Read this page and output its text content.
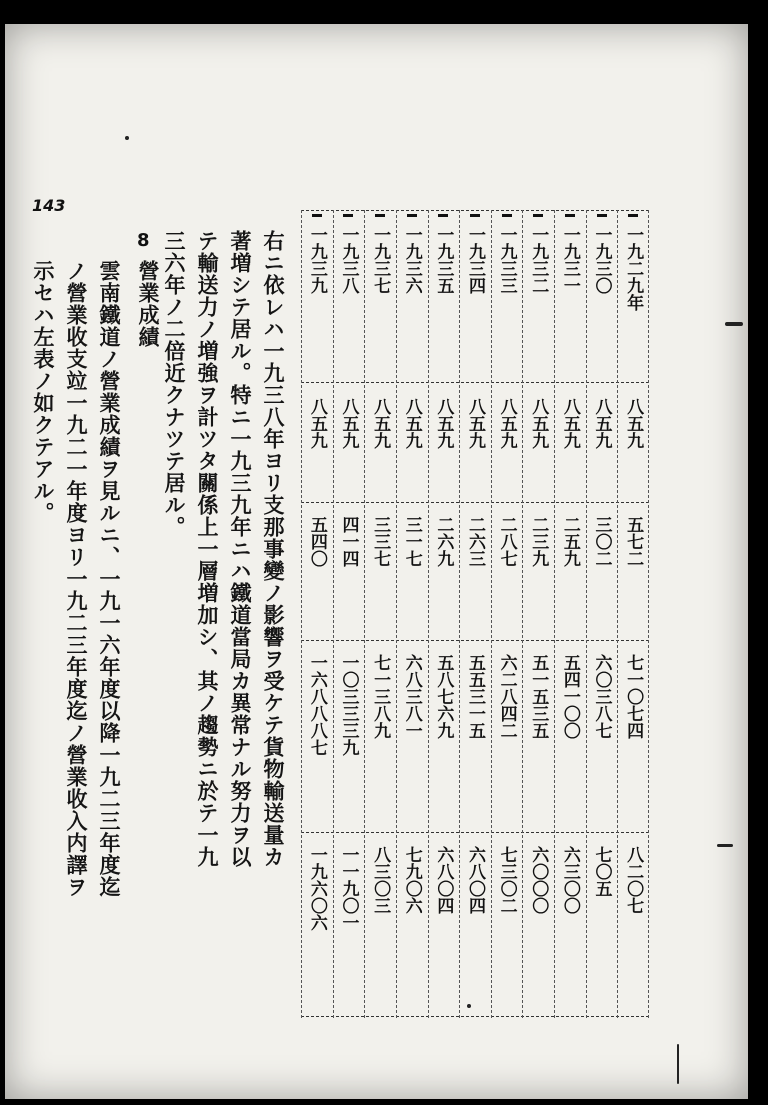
143
8
營業成績	右ニ依レハ一九三八年ヨリ支那事變ノ影響ヲ受ケテ貨物輸送量カ
著増シテ居ル。特ニ一九三九年ニハ鐵道當局カ異常ナル努力ヲ以
テ輸送力ノ増強ヲ計ツタ關係上一層増加シ、其ノ趨勢ニ於テ一九
三六年ノ二倍近クナツテ居ル。
雲南鐵道ノ營業成績ヲ見ルニ、一九一六年度以降一九二三年度迄
ノ營業收支竝一九二一年度ヨリ一九二三年度迄ノ營業收入内譯ヲ
示セハ左表ノ如クテアル。	一九二九年
八五九
五七二
七一〇七四
八二〇七
一九三〇
八五九
三〇二
六〇三八七
七〇五
一九三一
八五九
二五九
五四一〇〇
六三〇〇
一九三二
八五九
二三九
五一五三五
六〇〇〇
一九三三
八五九
二八七
六二八四二
七三〇二
一九三四
八五九
二六三
五五三一五
六八〇四
一九三五
八五九
二六九
五八七六九
六八〇四
一九三六
八五九
三一七
六八三八一
七九〇六
一九三七
八五九
三三七
七一三八九
八三〇三
一九三八
八五九
四一四
一〇三三三九
一一九〇一
一九三九
八五九
五四〇
一六八八八七
一九六〇六
